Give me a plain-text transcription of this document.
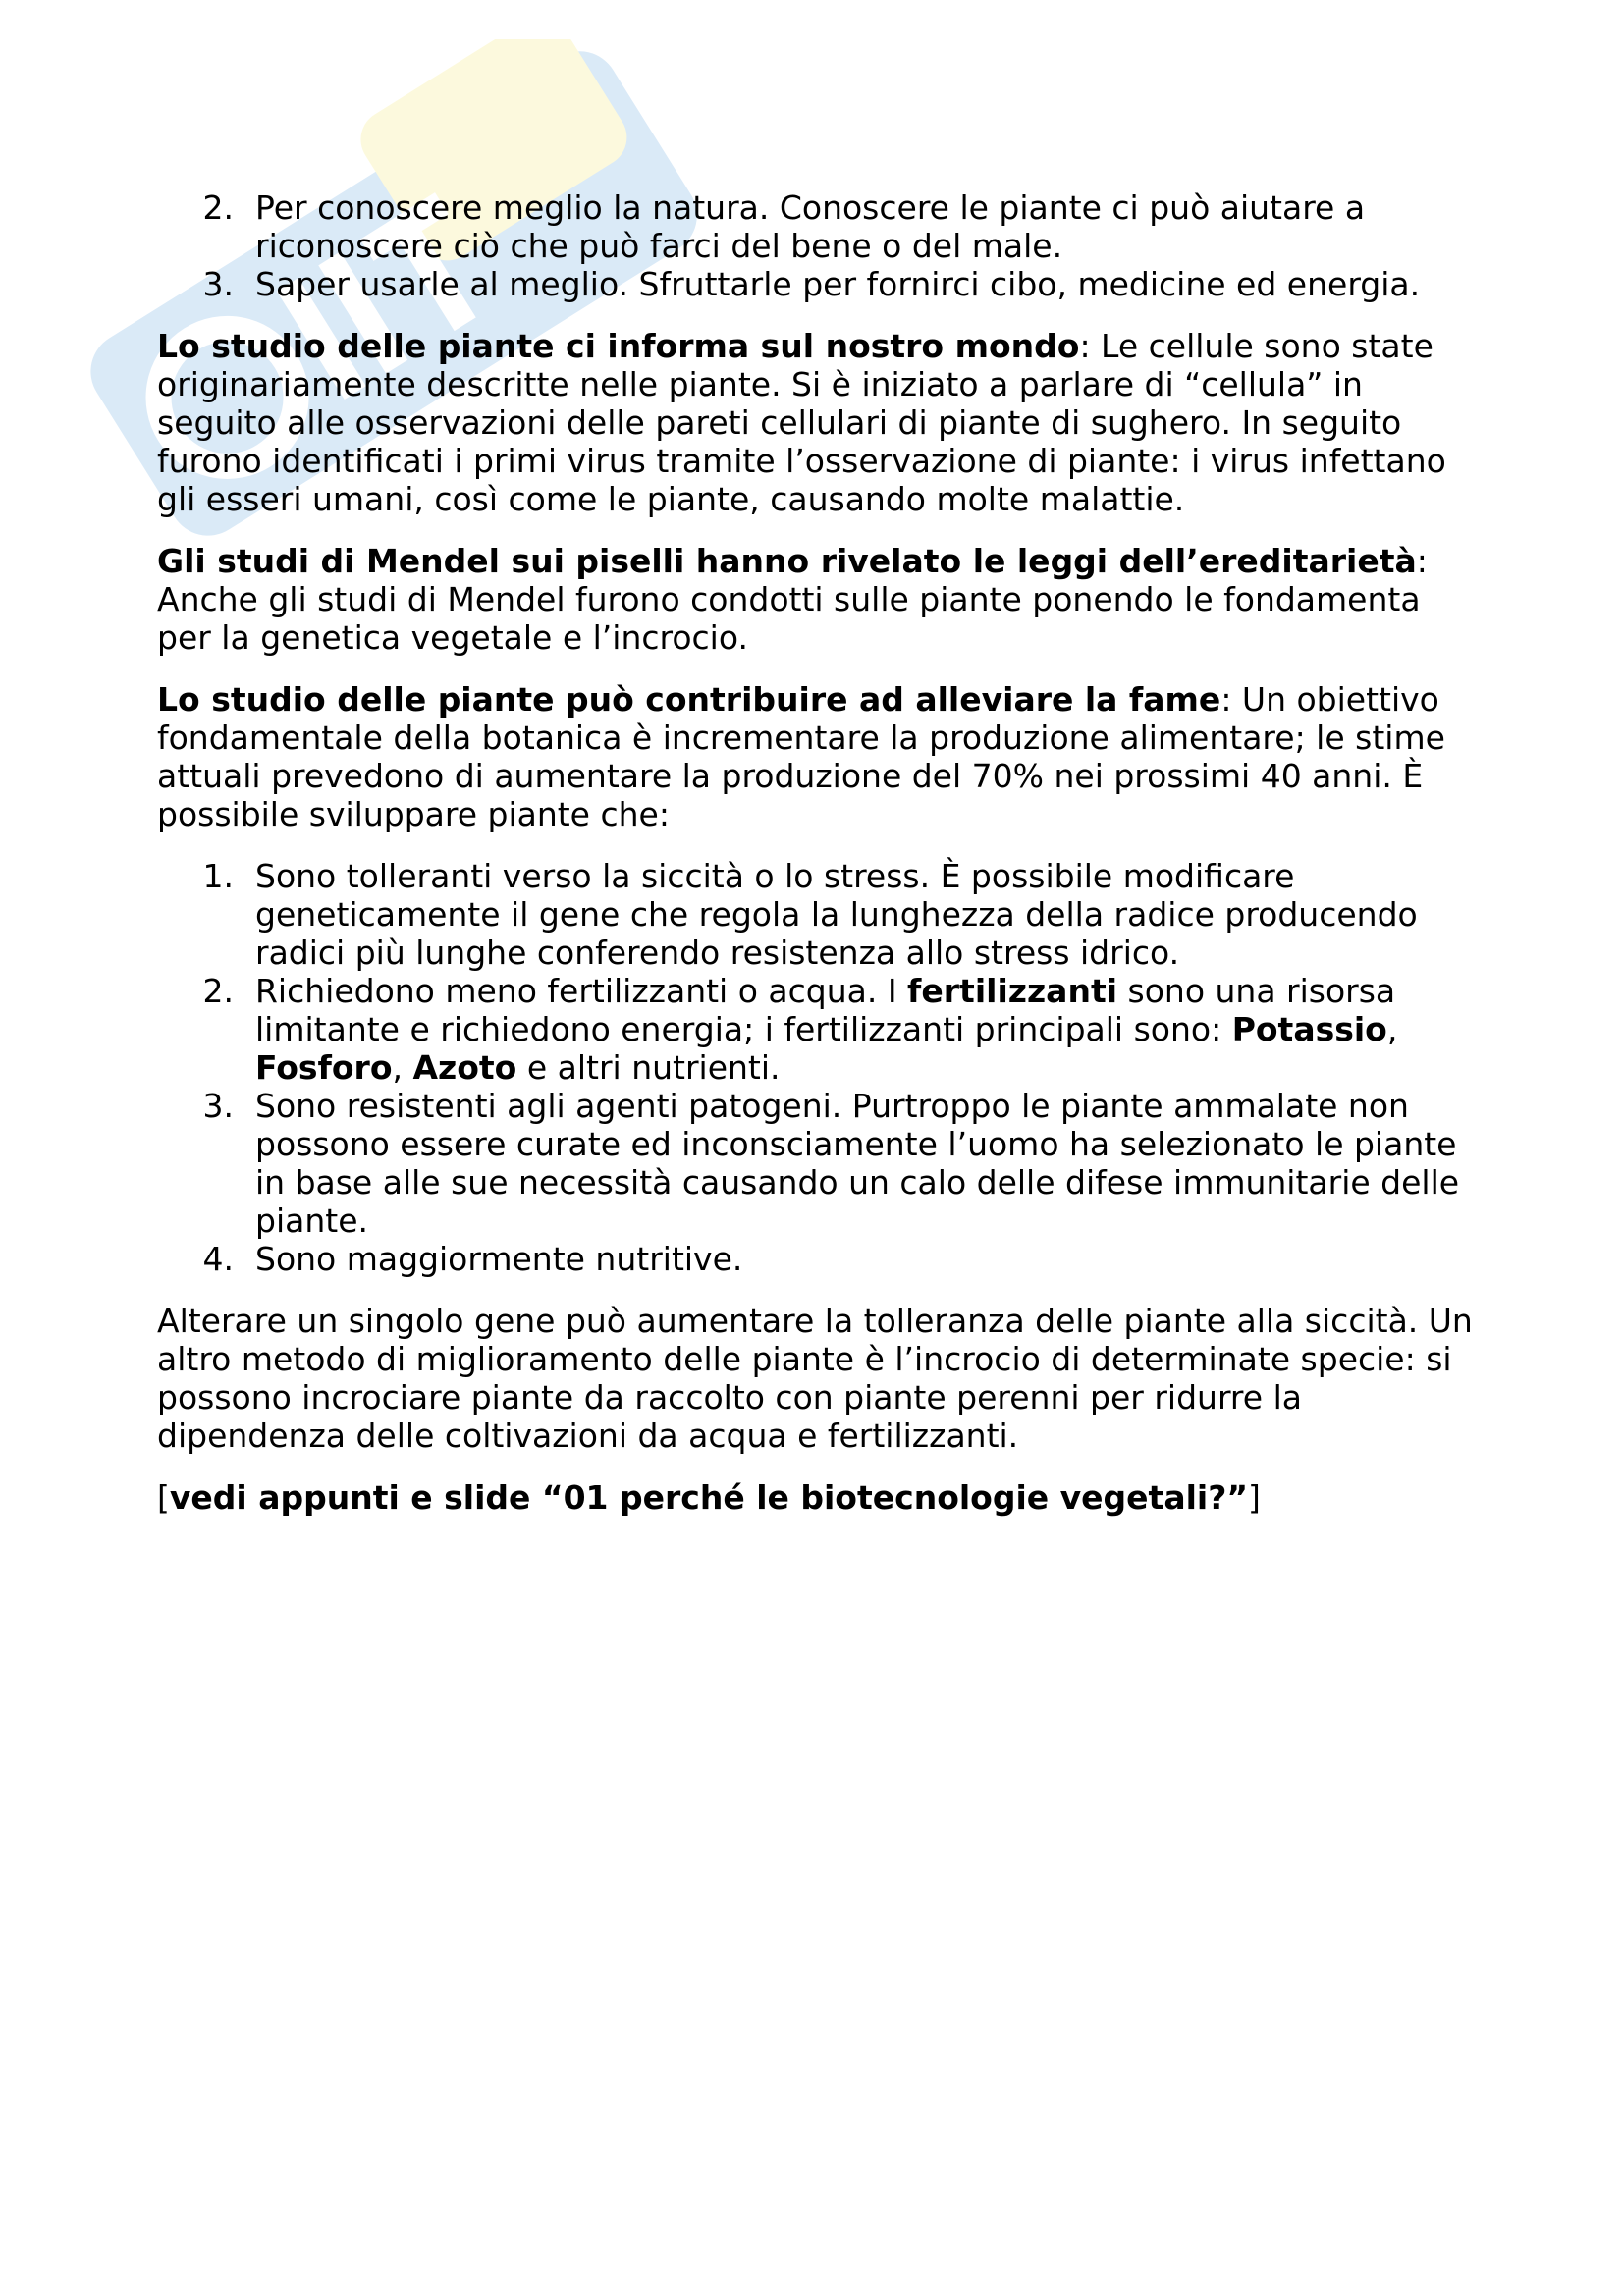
2. Per conoscere meglio la natura. Conoscere le piante ci può aiutare a riconoscere ciò che può farci del bene o del male.
3. Saper usarle al meglio. Sfruttarle per fornirci cibo, medicine ed energia.

Lo studio delle piante ci informa sul nostro mondo: Le cellule sono state originariamente descritte nelle piante. Si è iniziato a parlare di “cellula” in seguito alle osservazioni delle pareti cellulari di piante di sughero. In seguito furono identificati i primi virus tramite l’osservazione di piante: i virus infettano gli esseri umani, così come le piante, causando molte malattie.

Gli studi di Mendel sui piselli hanno rivelato le leggi dell’ereditarietà: Anche gli studi di Mendel furono condotti sulle piante ponendo le fondamenta per la genetica vegetale e l’incrocio.

Lo studio delle piante può contribuire ad alleviare la fame: Un obiettivo fondamentale della botanica è incrementare la produzione alimentare; le stime attuali prevedono di aumentare la produzione del 70% nei prossimi 40 anni. È possibile sviluppare piante che:

1. Sono tolleranti verso la siccità o lo stress. È possibile modificare geneticamente il gene che regola la lunghezza della radice producendo radici più lunghe conferendo resistenza allo stress idrico.
2. Richiedono meno fertilizzanti o acqua. I fertilizzanti sono una risorsa limitante e richiedono energia; i fertilizzanti principali sono: Potassio, Fosforo, Azoto e altri nutrienti.
3. Sono resistenti agli agenti patogeni. Purtroppo le piante ammalate non possono essere curate ed inconsciamente l’uomo ha selezionato le piante in base alle sue necessità causando un calo delle difese immunitarie delle piante.
4. Sono maggiormente nutritive.

Alterare un singolo gene può aumentare la tolleranza delle piante alla siccità. Un altro metodo di miglioramento delle piante è l’incrocio di determinate specie: si possono incrociare piante da raccolto con piante perenni per ridurre la dipendenza delle coltivazioni da acqua e fertilizzanti.

[vedi appunti e slide “01 perché le biotecnologie vegetali?”]
